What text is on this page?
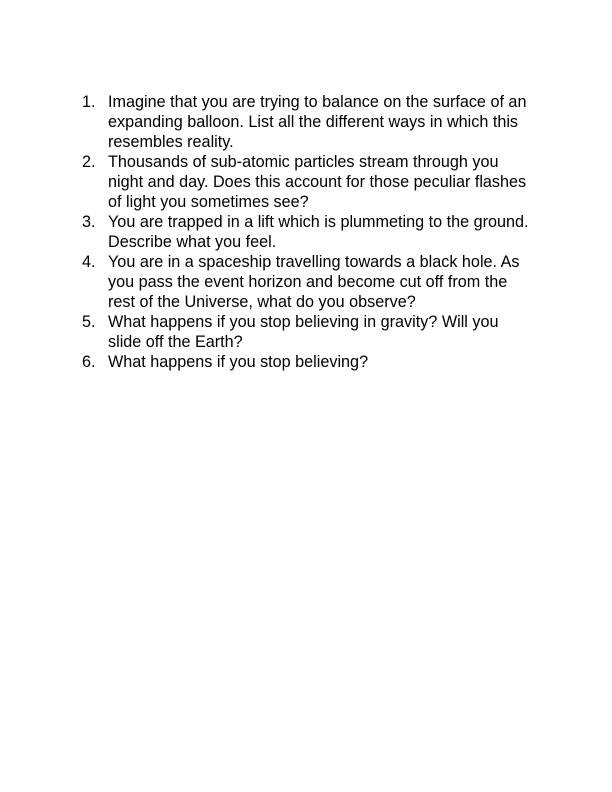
1. Imagine that you are trying to balance on the surface of an expanding balloon. List all the different ways in which this resembles reality.
2. Thousands of sub-atomic particles stream through you night and day. Does this account for those peculiar flashes of light you sometimes see?
3. You are trapped in a lift which is plummeting to the ground. Describe what you feel.
4. You are in a spaceship travelling towards a black hole. As you pass the event horizon and become cut off from the rest of the Universe, what do you observe?
5. What happens if you stop believing in gravity? Will you slide off the Earth?
6. What happens if you stop believing?
